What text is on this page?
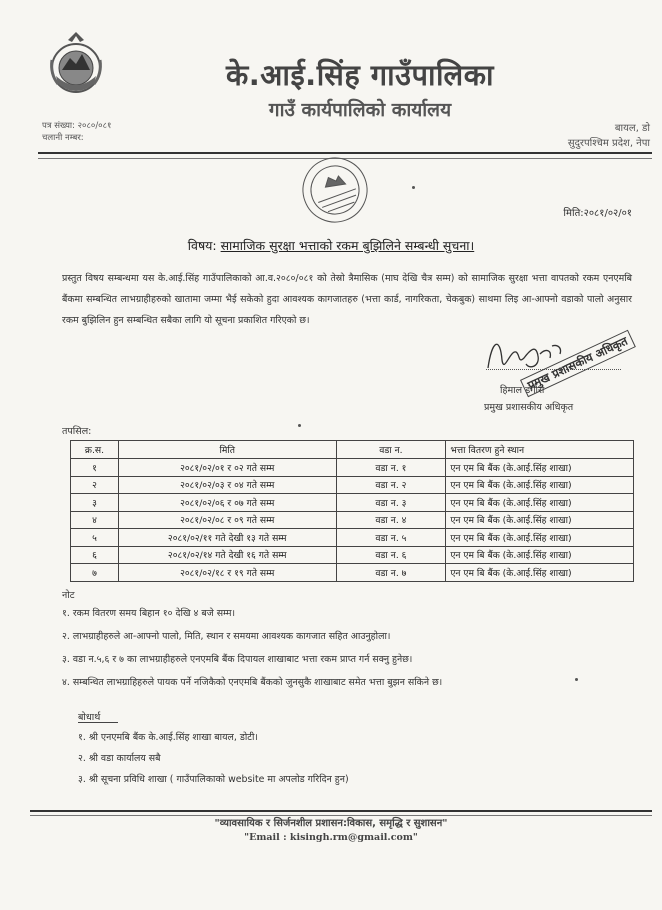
के.आई.सिंह गाउँपालिका
गाउँ कार्यपालिको कार्यालय
पत्र संख्या: २०८०/०८१
चलानी नम्बर:
बायल, डो
सुदुरपश्चिम प्रदेश, नेपा
मिति:२०८१/०२/०१
विषय: सामाजिक सुरक्षा भत्ताको रकम बुझिलिने सम्बन्धी सुचना।
प्रस्तुत विषय सम्बन्धमा यस के.आई.सिंह गाउँपालिकाको आ.व.२०८०/०८१ को तेस्रो त्रैमासिक (माघ देखि चैत्र सम्म) को सामाजिक सुरक्षा भत्ता वापतको रकम एनएमबि बैंकमा सम्बन्धित लाभग्राहीहरुको खातामा जम्मा भैई सकेको हुदा आवश्यक कागजातहरु (भत्ता कार्ड, नागरिकता, चेकबुक) साथमा लिइ आ-आफ्नो वडाको पालो अनुसार रकम बुझिलिन हुन सम्बन्धित सबैका लागि यो सूचना प्रकाशित गरिएको छ।
हिमाल डंगौरा
प्रमुख प्रशासकीय अधिकृत
प्रमुख प्रशासकीय अधिकृत
तपसिल:
क्र.स.	मिति	वडा न.	भत्ता वितरण हुने स्थान
१	२०८१/०२/०१ र ०२ गते सम्म	वडा न. १	एन एम बि बैंक (के.आई.सिंह शाखा)
२	२०८१/०२/०३ र ०४ गते सम्म	वडा न. २	एन एम बि बैंक (के.आई.सिंह शाखा)
३	२०८१/०२/०६ र ०७ गते सम्म	वडा न. ३	एन एम बि बैंक (के.आई.सिंह शाखा)
४	२०८१/०२/०८ र ०९ गते सम्म	वडा न. ४	एन एम बि बैंक (के.आई.सिंह शाखा)
५	२०८१/०२/११ गते देखी १३ गते सम्म	वडा न. ५	एन एम बि बैंक (के.आई.सिंह शाखा)
६	२०८१/०२/१४ गते देखी १६ गते सम्म	वडा न. ६	एन एम बि बैंक (के.आई.सिंह शाखा)
७	२०८१/०२/१८ र १९ गते सम्म	वडा न. ७	एन एम बि बैंक (के.आई.सिंह शाखा)
नोट
१. रकम वितरण समय बिहान १० देखि ४ बजे सम्म।
२. लाभग्राहीहरुले आ-आफ्नो पालो, मिति, स्थान र समयमा आवश्यक कागजात सहित आउनुहोला।
३. वडा न.५,६ र ७ का लाभग्राहीहरुले एनएमबि बैंक दिपायल शाखाबाट भत्ता रकम प्राप्त गर्न सक्नु हुनेछ।
४. सम्बन्धित लाभग्राहिहरुले पायक पर्ने नजिकैको एनएमबि बैंकको जुनसुकै शाखाबाट समेत भत्ता बुझन सकिने छ।
बोधार्थ
१. श्री एनएमबि बैंक के.आई.सिंह शाखा बायल, डोटी।
२. श्री वडा कार्यालय सबै
३. श्री सूचना प्रविधि शाखा ( गाउँपालिकाको website मा अपलोड गरिदिन हुन)
"व्यावसायिक र सिर्जनशील प्रशासन:विकास, समृद्धि र सुशासन"
"Email : kisingh.rm@gmail.com"
